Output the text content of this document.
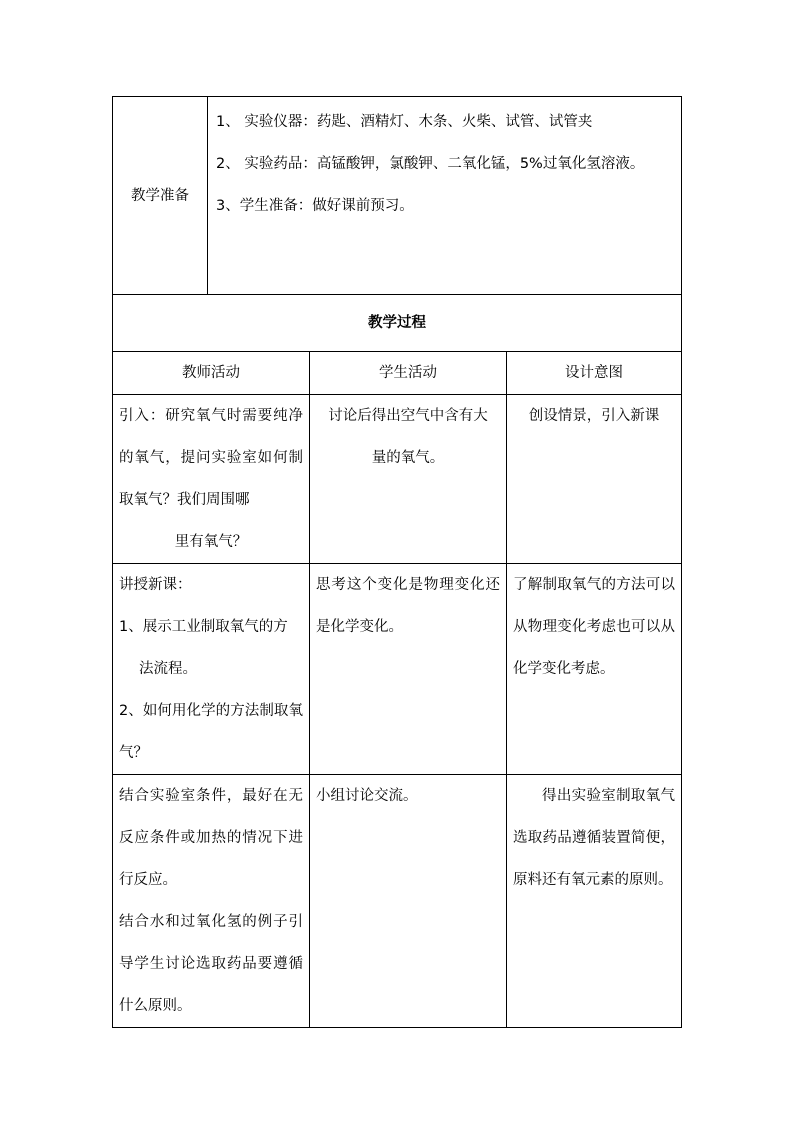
教学准备	1、 实验仪器：药匙、酒精灯、木条、火柴、试管、试管夹
2、 实验药品：高锰酸钾，氯酸钾、二氧化锰，5%过氧化氢溶液。
3、学生准备：做好课前预习。		

教学过程			
教师活动		学生活动	设计意图

引入：研究氧气时需要纯净的氧气，提问实验室如何制取氧气？我们周围哪
里有氧气？		讨论后得出空气中含有大量的氧气。	创设情景，引入新课

讲授新课：
1、展示工业制取氧气的方
法流程。
2、如何用化学的方法制取氧气？		思考这个变化是物理变化还是化学变化。	了解制取氧气的方法可以从物理变化考虑也可以从化学变化考虑。

结合实验室条件，最好在无反应条件或加热的情况下进行反应。
结合水和过氧化氢的例子引导学生讨论选取药品要遵循什么原则。		小组讨论交流。	得出实验室制取氧气选取药品遵循装置简便，原料还有氧元素的原则。
